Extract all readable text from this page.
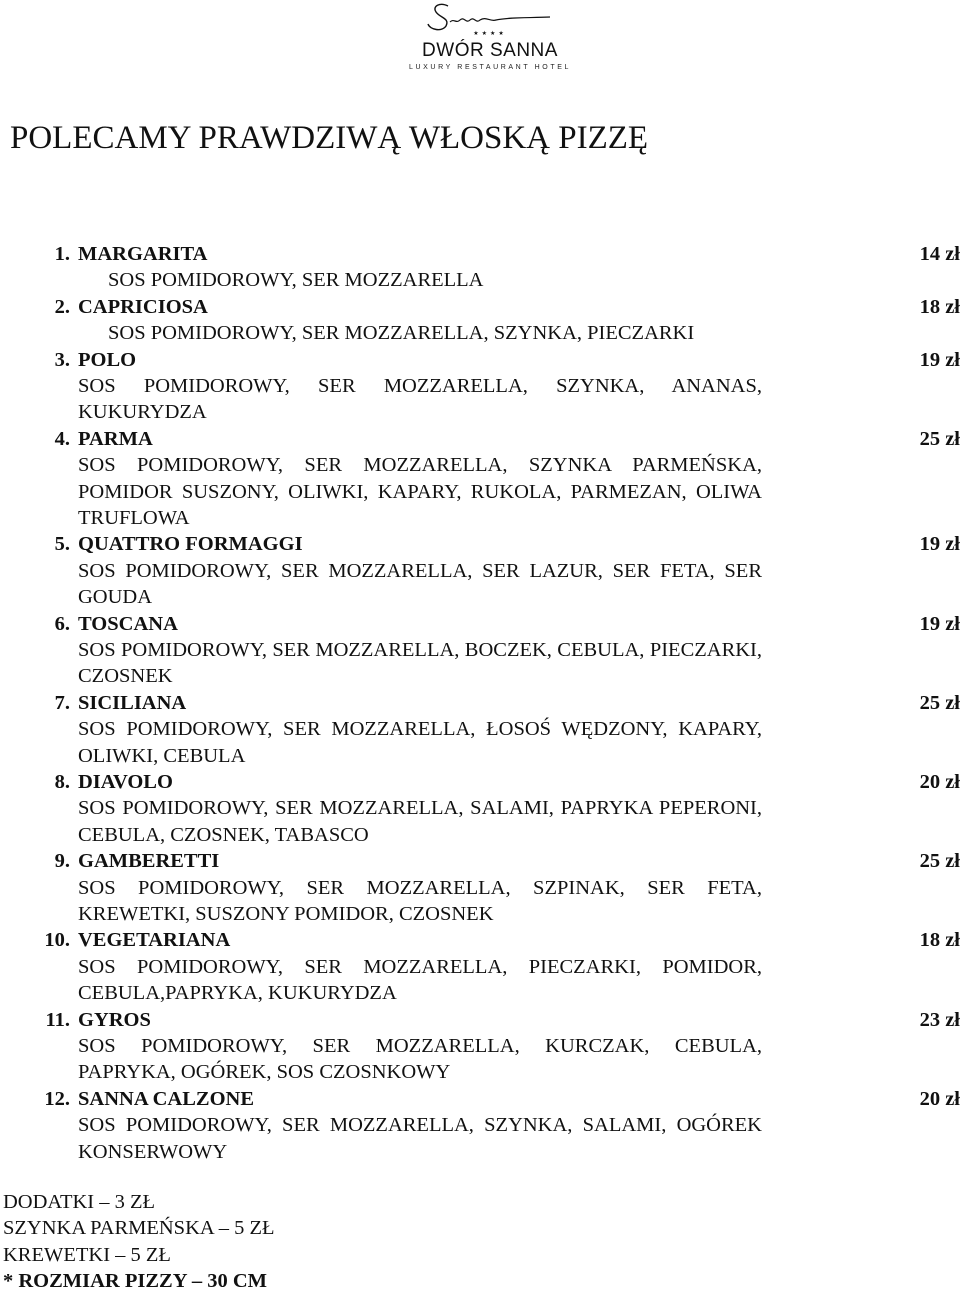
★★★★
DWÓR SANNA
LUXURY RESTAURANT HOTEL
POLECAMY PRAWDZIWĄ WŁOSKĄ PIZZĘ
1. MARGARITA	14 zł
SOS POMIDOROWY, SER MOZZARELLA
2. CAPRICIOSA	18 zł
SOS POMIDOROWY, SER MOZZARELLA, SZYNKA, PIECZARKI
3. POLO	19 zł
SOS POMIDOROWY, SER MOZZARELLA, SZYNKA, ANANAS, KUKURYDZA
4. PARMA	25 zł
SOS POMIDOROWY, SER MOZZARELLA, SZYNKA PARMEŃSKA, POMIDOR SUSZONY, OLIWKI, KAPARY, RUKOLA, PARMEZAN, OLIWA TRUFLOWA
5. QUATTRO FORMAGGI	19 zł
SOS POMIDOROWY, SER MOZZARELLA, SER LAZUR, SER FETA, SER GOUDA
6. TOSCANA	19 zł
SOS POMIDOROWY, SER MOZZARELLA, BOCZEK, CEBULA, PIECZARKI, CZOSNEK
7. SICILIANA	25 zł
SOS POMIDOROWY, SER MOZZARELLA, ŁOSOŚ WĘDZONY, KAPARY, OLIWKI, CEBULA
8. DIAVOLO	20 zł
SOS POMIDOROWY, SER MOZZARELLA, SALAMI, PAPRYKA PEPERONI, CEBULA, CZOSNEK, TABASCO
9. GAMBERETTI	25 zł
SOS POMIDOROWY, SER MOZZARELLA, SZPINAK, SER FETA, KREWETKI, SUSZONY POMIDOR, CZOSNEK
10. VEGETARIANA	18 zł
SOS POMIDOROWY, SER MOZZARELLA, PIECZARKI, POMIDOR, CEBULA,PAPRYKA, KUKURYDZA
11. GYROS	23 zł
SOS POMIDOROWY, SER MOZZARELLA, KURCZAK, CEBULA, PAPRYKA, OGÓREK, SOS CZOSNKOWY
12. SANNA CALZONE	20 zł
SOS POMIDOROWY, SER MOZZARELLA, SZYNKA, SALAMI, OGÓREK KONSERWOWY
DODATKI – 3 ZŁ
SZYNKA PARMEŃSKA – 5 ZŁ
KREWETKI – 5 ZŁ
* ROZMIAR PIZZY – 30 CM
